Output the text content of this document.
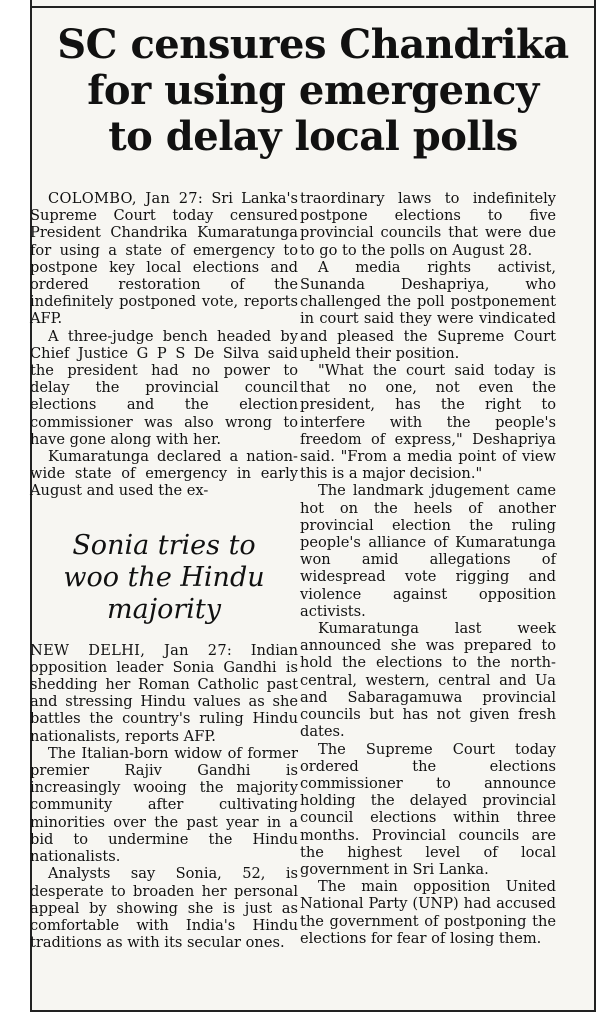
SC censures Chandrika
for using emergency
to delay local polls

COLOMBO, Jan 27: Sri Lanka's Supreme Court today censured President Chandrika Kumaratunga for using a state of emergency to postpone key local elections and ordered restoration of the indefinitely postponed vote, reports AFP.

A three-judge bench headed by Chief Justice G P S De Silva said the president had no power to delay the provincial council elections and the election commissioner was also wrong to have gone along with her.

Kumaratunga declared a nation-wide state of emergency in early August and used the ex-

Sonia tries to
woo the Hindu
majority

NEW DELHI, Jan 27: Indian opposition leader Sonia Gandhi is shedding her Roman Catholic past and stressing Hindu values as she battles the country's ruling Hindu nationalists, reports AFP.

The Italian-born widow of former premier Rajiv Gandhi is increasingly wooing the majority community after cultivating minorities over the past year in a bid to undermine the Hindu nationalists.

Analysts say Sonia, 52, is desperate to broaden her personal appeal by showing she is just as comfortable with India's Hindu traditions as with its secular ones.

traordinary laws to indefinitely postpone elections to five provincial councils that were due to go to the polls on August 28.

A media rights activist, Sunanda Deshapriya, who challenged the poll postponement in court said they were vindicated and pleased the Supreme Court upheld their position.

"What the court said today is that no one, not even the president, has the right to interfere with the people's freedom of express," Deshapriya said. "From a media point of view this is a major decision."

The landmark jdugement came hot on the heels of another provincial election the ruling people's alliance of Kumaratunga won amid allegations of widespread vote rigging and violence against opposition activists.

Kumaratunga last week announced she was prepared to hold the elections to the north-central, western, central and Ua and Sabaragamuwa provincial councils but has not given fresh dates.

The Supreme Court today ordered the elections commissioner to announce holding the delayed provincial council elections within three months. Provincial councils are the highest level of local government in Sri Lanka.

The main opposition United National Party (UNP) had accused the government of postponing the elections for fear of losing them.
